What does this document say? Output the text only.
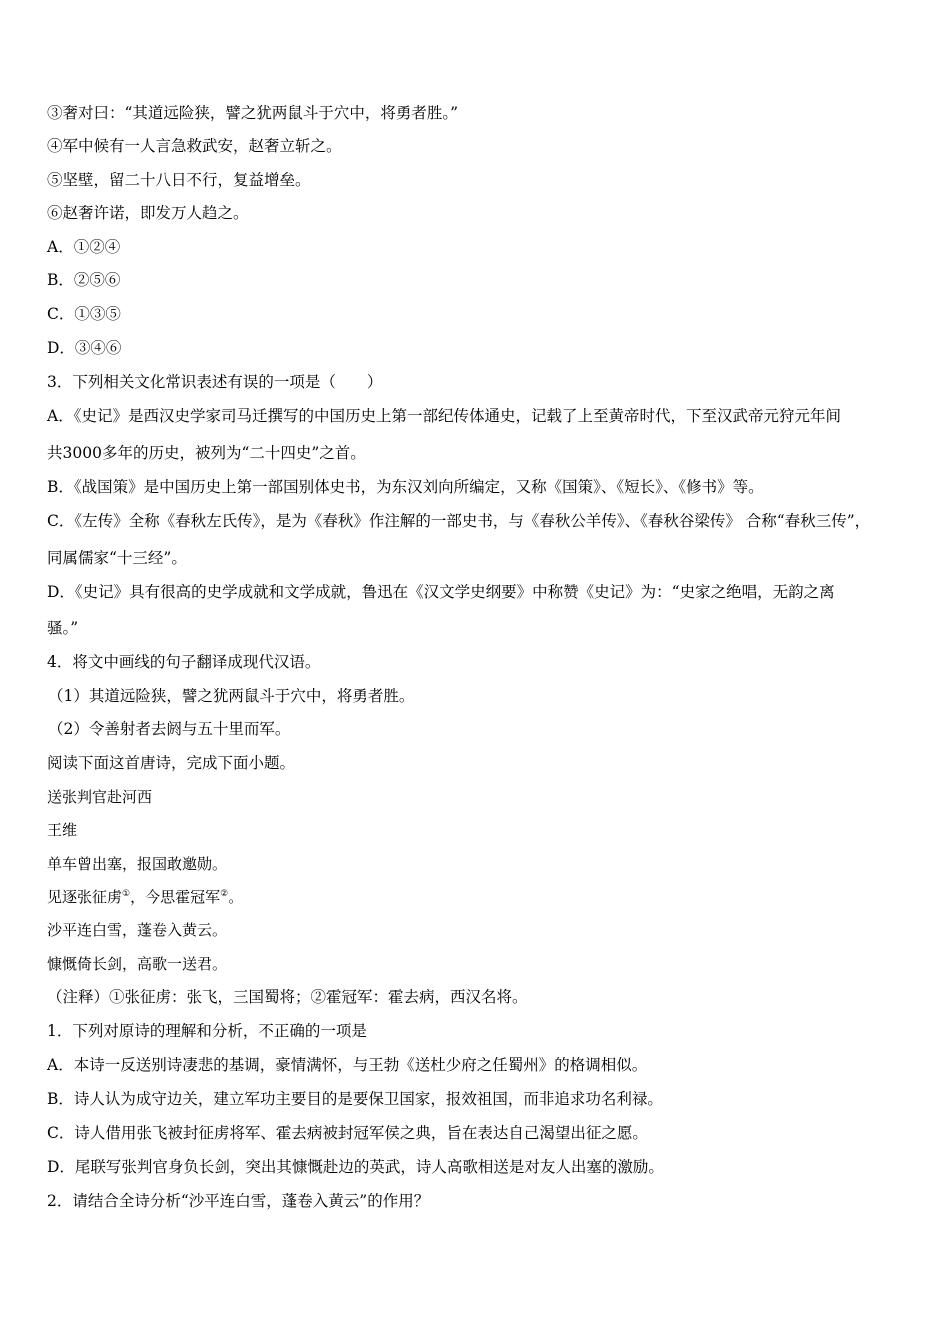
③奢对曰：“其道远险狭，譬之犹两鼠斗于穴中，将勇者胜。”
④军中候有一人言急救武安，赵奢立斩之。
⑤坚壁，留二十八日不行，复益增垒。
⑥赵奢许诺，即发万人趋之。
A．①②④
B．②⑤⑥
C．①③⑤
D．③④⑥
3．下列相关文化常识表述有误的一项是（　　）
A．《史记》是西汉史学家司马迁撰写的中国历史上第一部纪传体通史，记载了上至黄帝时代，下至汉武帝元狩元年间
共3000多年的历史，被列为“二十四史”之首。
B．《战国策》是中国历史上第一部国别体史书，为东汉刘向所编定，又称《国策》、《短长》、《修书》等。
C．《左传》全称《春秋左氏传》，是为《春秋》作注解的一部史书，与《春秋公羊传》、《春秋谷梁传》 合称“春秋三传”，
同属儒家“十三经”。
D．《史记》具有很高的史学成就和文学成就，鲁迅在《汉文学史纲要》中称赞《史记》为：“史家之绝唱，无韵之离
骚。”
4．将文中画线的句子翻译成现代汉语。
（1）其道远险狭，譬之犹两鼠斗于穴中，将勇者胜。
（2）令善射者去阏与五十里而军。
阅读下面这首唐诗，完成下面小题。
送张判官赴河西
王维
单车曾出塞，报国敢邀勋。
见逐张征虏①，今思霍冠军②。
沙平连白雪，蓬卷入黄云。
慷慨倚长剑，高歌一送君。
（注释）①张征虏：张飞，三国蜀将；②霍冠军：霍去病，西汉名将。
1．下列对原诗的理解和分析，不正确的一项是
A．本诗一反送别诗凄悲的基调，豪情满怀，与王勃《送杜少府之任蜀州》的格调相似。
B．诗人认为成守边关，建立军功主要目的是要保卫国家，报效祖国，而非追求功名利禄。
C．诗人借用张飞被封征虏将军、霍去病被封冠军侯之典，旨在表达自己渴望出征之愿。
D．尾联写张判官身负长剑，突出其慷慨赴边的英武，诗人高歌相送是对友人出塞的激励。
2．请结合全诗分析“沙平连白雪，蓬卷入黄云”的作用？
